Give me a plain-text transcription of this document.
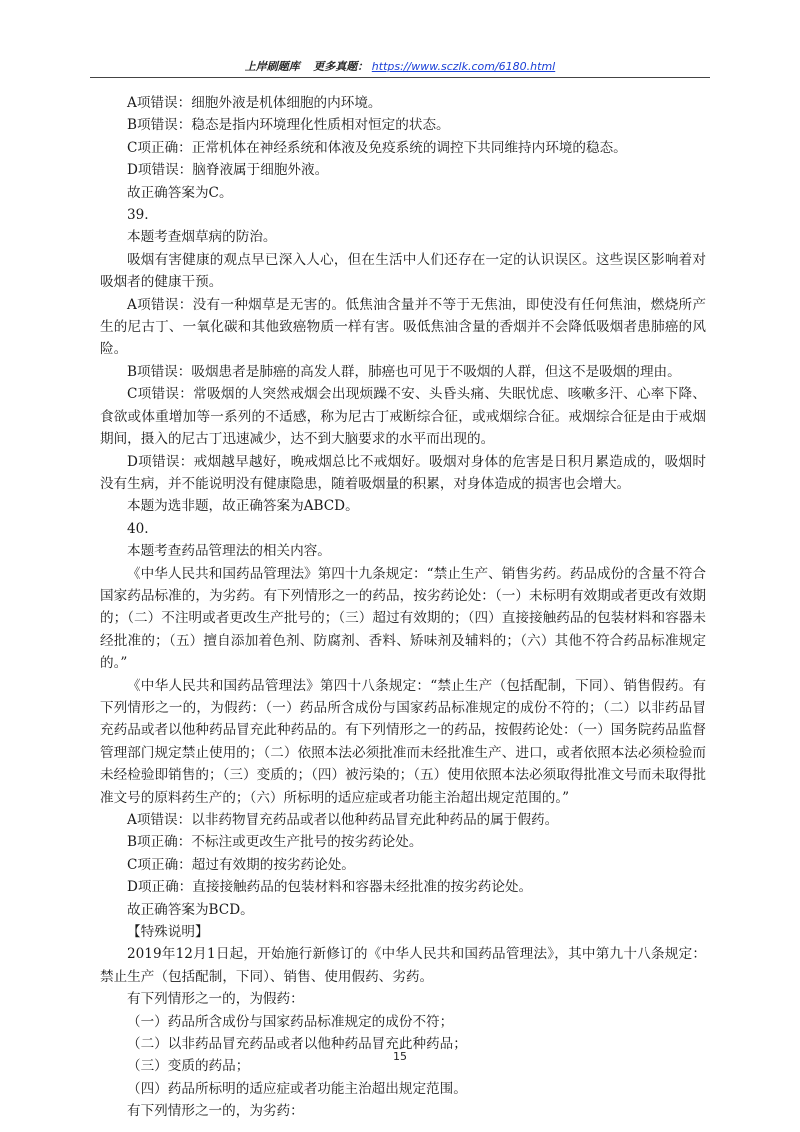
上岸刷题库 更多真题： https://www.sczlk.com/6180.html

A项错误：细胞外液是机体细胞的内环境。

B项错误：稳态是指内环境理化性质相对恒定的状态。

C项正确：正常机体在神经系统和体液及免疫系统的调控下共同维持内环境的稳态。

D项错误：脑脊液属于细胞外液。

故正确答案为C。

39.

本题考查烟草病的防治。

吸烟有害健康的观点早已深入人心，但在生活中人们还存在一定的认识误区。这些误区影响着对吸烟者的健康干预。

A项错误：没有一种烟草是无害的。低焦油含量并不等于无焦油，即使没有任何焦油，燃烧所产生的尼古丁、一氧化碳和其他致癌物质一样有害。吸低焦油含量的香烟并不会降低吸烟者患肺癌的风险。

B项错误：吸烟患者是肺癌的高发人群，肺癌也可见于不吸烟的人群，但这不是吸烟的理由。

C项错误：常吸烟的人突然戒烟会出现烦躁不安、头昏头痛、失眠忧虑、咳嗽多汗、心率下降、食欲或体重增加等一系列的不适感，称为尼古丁戒断综合征，或戒烟综合征。戒烟综合征是由于戒烟期间，摄入的尼古丁迅速减少，达不到大脑要求的水平而出现的。

D项错误：戒烟越早越好，晚戒烟总比不戒烟好。吸烟对身体的危害是日积月累造成的，吸烟时没有生病，并不能说明没有健康隐患，随着吸烟量的积累，对身体造成的损害也会增大。

本题为选非题，故正确答案为ABCD。

40.

本题考查药品管理法的相关内容。

《中华人民共和国药品管理法》第四十九条规定：“禁止生产、销售劣药。药品成份的含量不符合国家药品标准的，为劣药。有下列情形之一的药品，按劣药论处：（一）未标明有效期或者更改有效期的；（二）不注明或者更改生产批号的；（三）超过有效期的；（四）直接接触药品的包装材料和容器未经批准的；（五）擅自添加着色剂、防腐剂、香料、矫味剂及辅料的；（六）其他不符合药品标准规定的。”

《中华人民共和国药品管理法》第四十八条规定：“禁止生产（包括配制，下同）、销售假药。有下列情形之一的，为假药：（一）药品所含成份与国家药品标准规定的成份不符的；（二）以非药品冒充药品或者以他种药品冒充此种药品的。有下列情形之一的药品，按假药论处：（一）国务院药品监督管理部门规定禁止使用的；（二）依照本法必须批准而未经批准生产、进口，或者依照本法必须检验而未经检验即销售的；（三）变质的；（四）被污染的；（五）使用依照本法必须取得批准文号而未取得批准文号的原料药生产的；（六）所标明的适应症或者功能主治超出规定范围的。”

A项错误：以非药物冒充药品或者以他种药品冒充此种药品的属于假药。

B项正确：不标注或更改生产批号的按劣药论处。

C项正确：超过有效期的按劣药论处。

D项正确：直接接触药品的包装材料和容器未经批准的按劣药论处。

故正确答案为BCD。

【特殊说明】

2019年12月1日起，开始施行新修订的《中华人民共和国药品管理法》，其中第九十八条规定：禁止生产（包括配制，下同）、销售、使用假药、劣药。

有下列情形之一的，为假药：

（一）药品所含成份与国家药品标准规定的成份不符；

（二）以非药品冒充药品或者以他种药品冒充此种药品；

（三）变质的药品；

（四）药品所标明的适应症或者功能主治超出规定范围。

有下列情形之一的，为劣药：

15
